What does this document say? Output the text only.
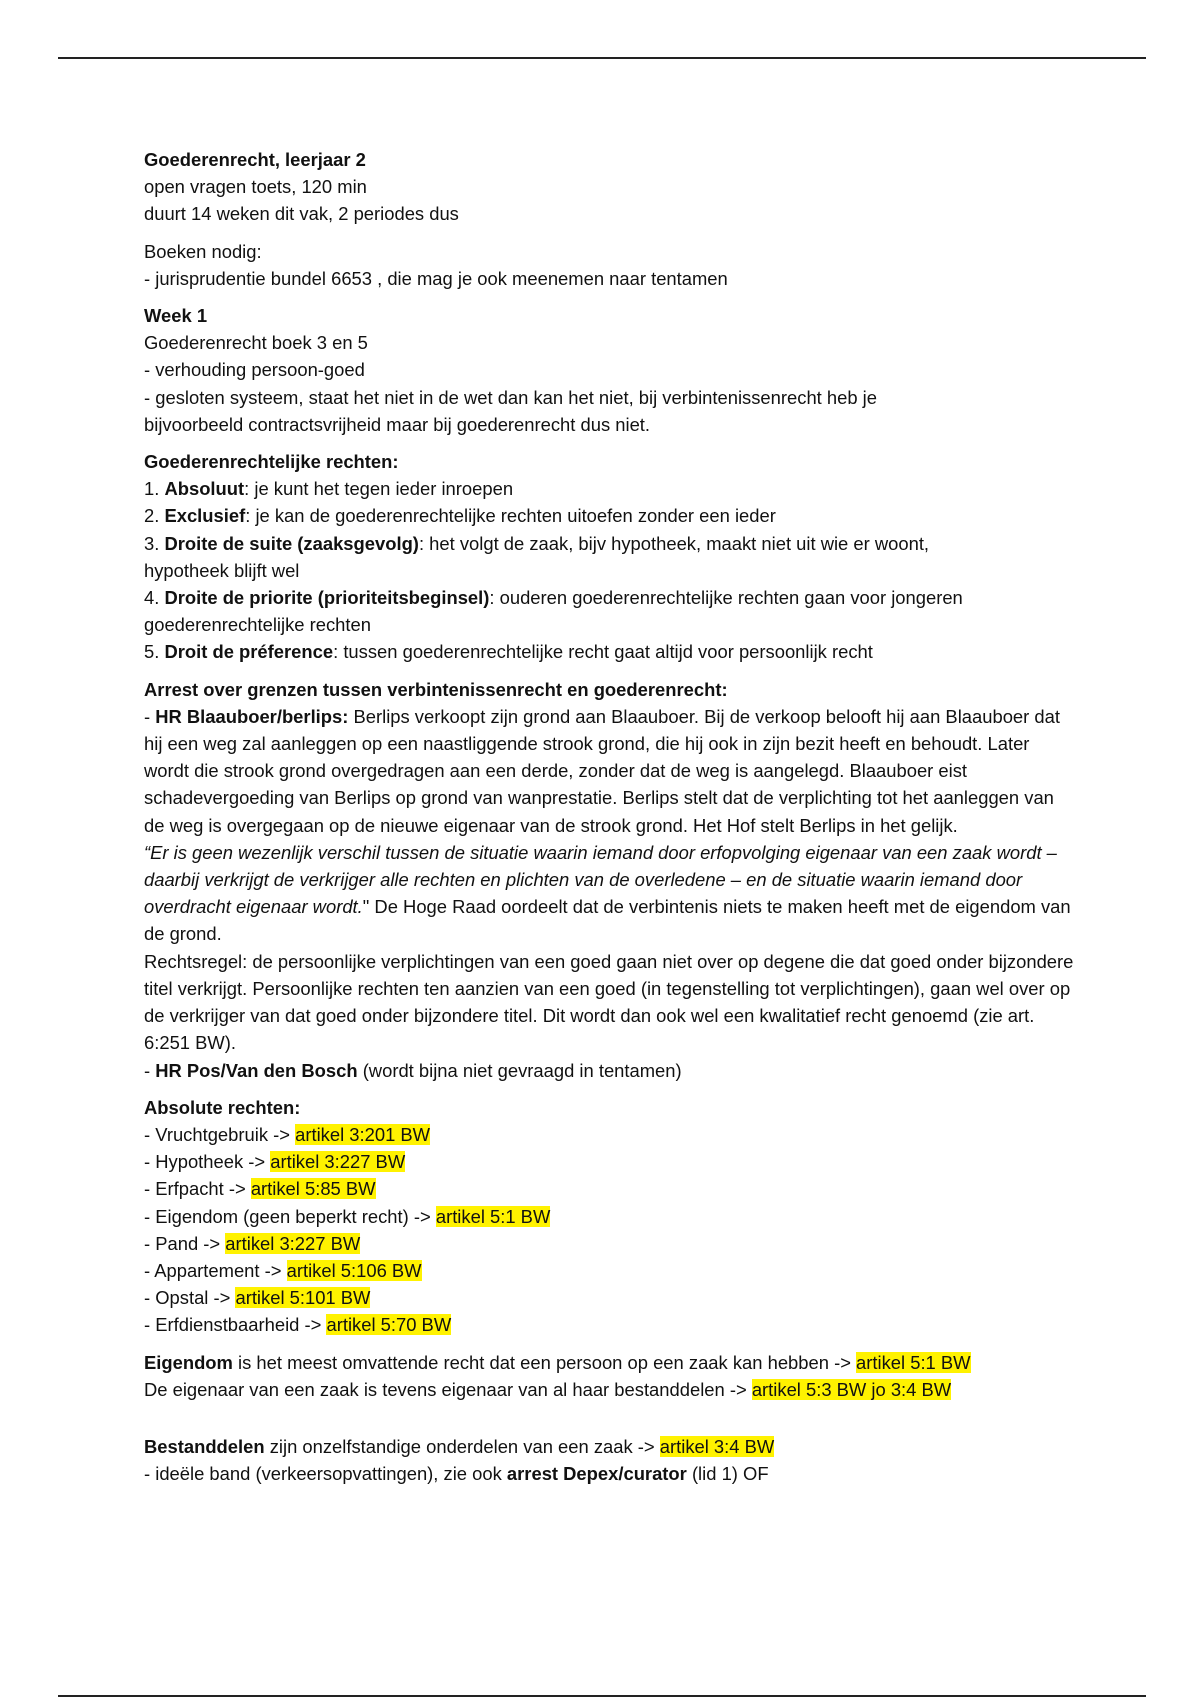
Goederenrecht, leerjaar 2
open vragen toets, 120 min
duurt 14 weken dit vak, 2 periodes dus

Boeken nodig:
- jurisprudentie bundel 6653 , die mag je ook meenemen naar tentamen

Week 1
Goederenrecht boek 3 en 5
- verhouding persoon-goed
- gesloten systeem, staat het niet in de wet dan kan het niet, bij verbintenissenrecht heb je
bijvoorbeeld contractsvrijheid maar bij goederenrecht dus niet.

Goederenrechtelijke rechten:
1. Absoluut: je kunt het tegen ieder inroepen
2. Exclusief: je kan de goederenrechtelijke rechten uitoefen zonder een ieder
3. Droite de suite (zaaksgevolg): het volgt de zaak, bijv hypotheek, maakt niet uit wie er woont,
hypotheek blijft wel
4. Droite de priorite (prioriteitsbeginsel): ouderen goederenrechtelijke rechten gaan voor jongeren
goederenrechtelijke rechten
5. Droit de préference: tussen goederenrechtelijke recht gaat altijd voor persoonlijk recht

Arrest over grenzen tussen verbintenissenrecht en goederenrecht:
- HR Blaauboer/berlips: Berlips verkoopt zijn grond aan Blaauboer. Bij de verkoop belooft hij aan Blaauboer dat hij een weg zal aanleggen op een naastliggende strook grond, die hij ook in zijn bezit heeft en behoudt. Later wordt die strook grond overgedragen aan een derde, zonder dat de weg is aangelegd. Blaauboer eist schadevergoeding van Berlips op grond van wanprestatie. Berlips stelt dat de verplichting tot het aanleggen van de weg is overgegaan op de nieuwe eigenaar van de strook grond. Het Hof stelt Berlips in het gelijk.
“Er is geen wezenlijk verschil tussen de situatie waarin iemand door erfopvolging eigenaar van een zaak wordt – daarbij verkrijgt de verkrijger alle rechten en plichten van de overledene – en de situatie waarin iemand door overdracht eigenaar wordt." De Hoge Raad oordeelt dat de verbintenis niets te maken heeft met de eigendom van de grond.
Rechtsregel: de persoonlijke verplichtingen van een goed gaan niet over op degene die dat goed onder bijzondere titel verkrijgt. Persoonlijke rechten ten aanzien van een goed (in tegenstelling tot verplichtingen), gaan wel over op de verkrijger van dat goed onder bijzondere titel. Dit wordt dan ook wel een kwalitatief recht genoemd (zie art. 6:251 BW).
- HR Pos/Van den Bosch (wordt bijna niet gevraagd in tentamen)

Absolute rechten:
- Vruchtgebruik -> artikel 3:201 BW
- Hypotheek -> artikel 3:227 BW
- Erfpacht -> artikel 5:85 BW
- Eigendom (geen beperkt recht) -> artikel 5:1 BW
- Pand -> artikel 3:227 BW
- Appartement -> artikel 5:106 BW
- Opstal -> artikel 5:101 BW
- Erfdienstbaarheid -> artikel 5:70 BW

Eigendom is het meest omvattende recht dat een persoon op een zaak kan hebben -> artikel 5:1 BW
De eigenaar van een zaak is tevens eigenaar van al haar bestanddelen -> artikel 5:3 BW jo 3:4 BW

Bestanddelen zijn onzelfstandige onderdelen van een zaak -> artikel 3:4 BW
- ideële band (verkeersopvattingen), zie ook arrest Depex/curator (lid 1) OF
